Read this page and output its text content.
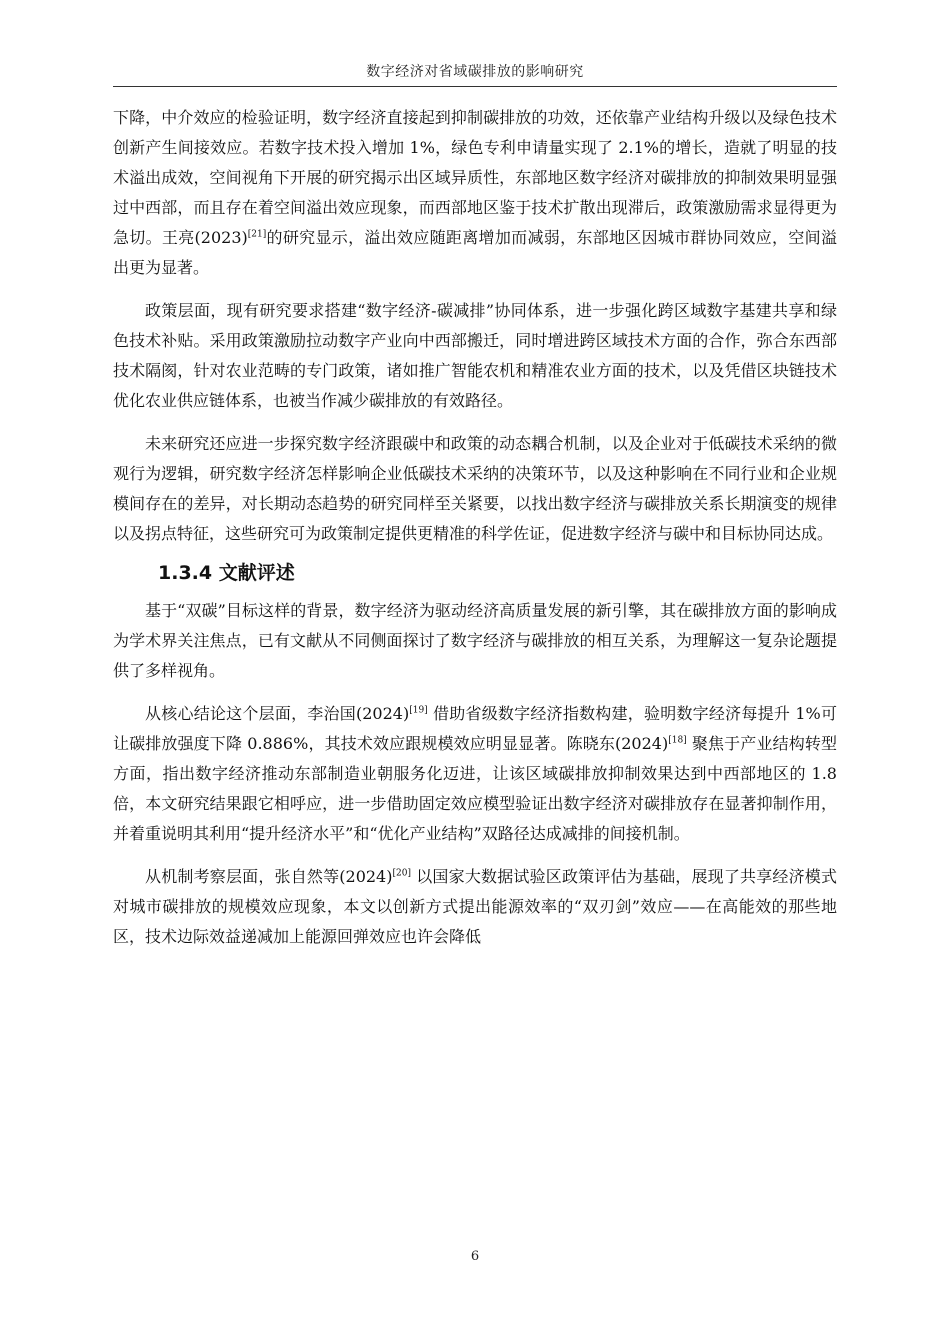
数字经济对省域碳排放的影响研究

下降，中介效应的检验证明，数字经济直接起到抑制碳排放的功效，还依靠产业结构升级以及绿色技术创新产生间接效应。若数字技术投入增加 1%，绿色专利申请量实现了 2.1%的增长，造就了明显的技术溢出成效，空间视角下开展的研究揭示出区域异质性，东部地区数字经济对碳排放的抑制效果明显强过中西部，而且存在着空间溢出效应现象，而西部地区鉴于技术扩散出现滞后，政策激励需求显得更为急切。王亮(2023)[21]的研究显示，溢出效应随距离增加而减弱，东部地区因城市群协同效应，空间溢出更为显著。

政策层面，现有研究要求搭建“数字经济-碳减排”协同体系，进一步强化跨区域数字基建共享和绿色技术补贴。采用政策激励拉动数字产业向中西部搬迁，同时增进跨区域技术方面的合作，弥合东西部技术隔阂，针对农业范畴的专门政策，诸如推广智能农机和精准农业方面的技术，以及凭借区块链技术优化农业供应链体系，也被当作减少碳排放的有效路径。

未来研究还应进一步探究数字经济跟碳中和政策的动态耦合机制，以及企业对于低碳技术采纳的微观行为逻辑，研究数字经济怎样影响企业低碳技术采纳的决策环节，以及这种影响在不同行业和企业规模间存在的差异，对长期动态趋势的研究同样至关紧要，以找出数字经济与碳排放关系长期演变的规律以及拐点特征，这些研究可为政策制定提供更精准的科学佐证，促进数字经济与碳中和目标协同达成。

1.3.4 文献评述

基于“双碳”目标这样的背景，数字经济为驱动经济高质量发展的新引擎，其在碳排放方面的影响成为学术界关注焦点，已有文献从不同侧面探讨了数字经济与碳排放的相互关系，为理解这一复杂论题提供了多样视角。

从核心结论这个层面，李治国(2024)[19] 借助省级数字经济指数构建，验明数字经济每提升 1%可让碳排放强度下降 0.886%，其技术效应跟规模效应明显显著。陈晓东(2024)[18] 聚焦于产业结构转型方面，指出数字经济推动东部制造业朝服务化迈进，让该区域碳排放抑制效果达到中西部地区的 1.8 倍，本文研究结果跟它相呼应，进一步借助固定效应模型验证出数字经济对碳排放存在显著抑制作用，并着重说明其利用“提升经济水平”和“优化产业结构”双路径达成减排的间接机制。

从机制考察层面，张自然等(2024)[20] 以国家大数据试验区政策评估为基础，展现了共享经济模式对城市碳排放的规模效应现象，本文以创新方式提出能源效率的“双刃剑”效应——在高能效的那些地区，技术边际效益递减加上能源回弹效应也许会降低

6
